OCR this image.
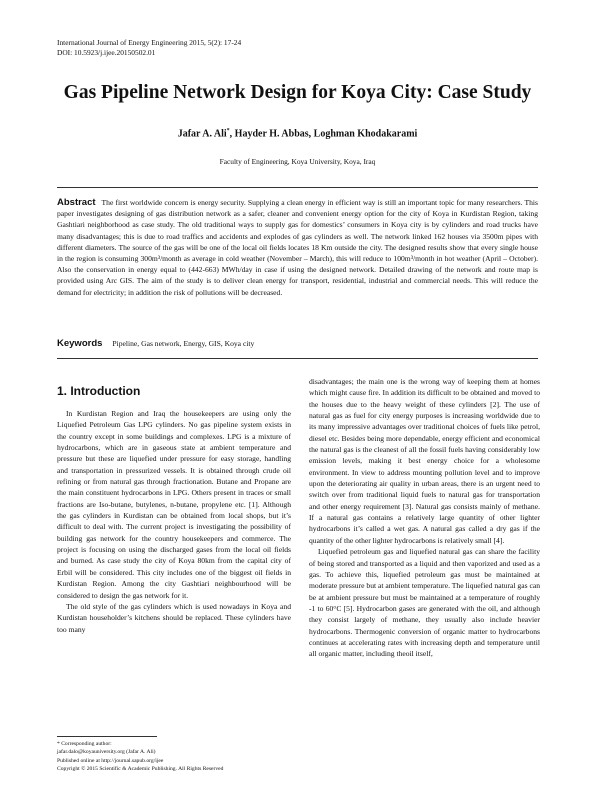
International Journal of Energy Engineering 2015, 5(2): 17-24
DOI: 10.5923/j.ijee.20150502.01
Gas Pipeline Network Design for Koya City: Case Study
Jafar A. Ali*, Hayder H. Abbas, Loghman Khodakarami
Faculty of Engineering, Koya University, Koya, Iraq
Abstract The first worldwide concern is energy security. Supplying a clean energy in efficient way is still an important topic for many researchers. This paper investigates designing of gas distribution network as a safer, cleaner and convenient energy option for the city of Koya in Kurdistan Region, taking Gashtiari neighborhood as case study. The old traditional ways to supply gas for domestics’ consumers in Koya city is by cylinders and road trucks have many disadvantages; this is due to road traffics and accidents and explodes of gas cylinders as well. The network linked 162 houses via 3500m pipes with different diameters. The source of the gas will be one of the local oil fields locates 18 Km outside the city. The designed results show that every single house in the region is consuming 300m³/month as average in cold weather (November – March), this will reduce to 100m³/month in hot weather (April – October). Also the conservation in energy equal to (442-663) MWh/day in case if using the designed network. Detailed drawing of the network and route map is provided using Arc GIS. The aim of the study is to deliver clean energy for transport, residential, industrial and commercial needs. This will reduce the demand for electricity; in addition the risk of pollutions will be decreased.
Keywords Pipeline, Gas network, Energy, GIS, Koya city
1. Introduction

In Kurdistan Region and Iraq the housekeepers are using only the Liquefied Petroleum Gas LPG cylinders. No gas pipeline system exists in the country except in some buildings and complexes. LPG is a mixture of hydrocarbons, which are in gaseous state at ambient temperature and pressure but these are liquefied under pressure for easy storage, handling and transportation in pressurized vessels. It is obtained through crude oil refining or from natural gas through fractionation. Butane and Propane are the main constituent hydrocarbons in LPG. Others present in traces or small fractions are Iso-butane, butylenes, n-butane, propylene etc. [1]. Although the gas cylinders in Kurdistan can be obtained from local shops, but it’s difficult to deal with. The current project is investigating the possibility of building gas network for the country housekeepers and commerce. The project is focusing on using the discharged gases from the local oil fields and burned. As case study the city of Koya 80km from the capital city of Erbil will be considered. This city includes one of the biggest oil fields in Kurdistan Region. Among the city Gashtiari neighbourhood will be considered to design the gas network for it.

The old style of the gas cylinders which is used nowadays in Koya and Kurdistan householder’s kitchens should be replaced. These cylinders have too many

disadvantages; the main one is the wrong way of keeping them at homes which might cause fire. In addition its difficult to be obtained and moved to the houses due to the heavy weight of these cylinders [2]. The use of natural gas as fuel for city energy purposes is increasing worldwide due to its many impressive advantages over traditional choices of fuels like petrol, diesel etc. Besides being more dependable, energy efficient and economical the natural gas is the cleanest of all the fossil fuels having considerably low emission levels, making it best energy choice for a wholesome environment. In view to address mounting pollution level and to improve upon the deteriorating air quality in urban areas, there is an urgent need to switch over from traditional liquid fuels to natural gas for transportation and other energy requirement [3]. Natural gas consists mainly of methane. If a natural gas contains a relatively large quantity of other lighter hydrocarbons it’s called a wet gas. A natural gas called a dry gas if the quantity of the other lighter hydrocarbons is relatively small [4].

Liquefied petroleum gas and liquefied natural gas can share the facility of being stored and transported as a liquid and then vaporized and used as a gas. To achieve this, liquefied petroleum gas must be maintained at moderate pressure but at ambient temperature. The liquefied natural gas can be at ambient pressure but must be maintained at a temperature of roughly -1 to 60°C [5]. Hydrocarbon gases are generated with the oil, and although they consist largely of methane, they usually also include heavier hydrocarbons. Thermogenic conversion of organic matter to hydrocarbons continues at accelerating rates with increasing depth and temperature until all organic matter, including theoil itself,

* Corresponding author:
jafar.dalo@koyauniversity.org (Jafar A. Ali)
Published online at http://journal.sapub.org/ijee
Copyright © 2015 Scientific & Academic Publishing. All Rights Reserved
